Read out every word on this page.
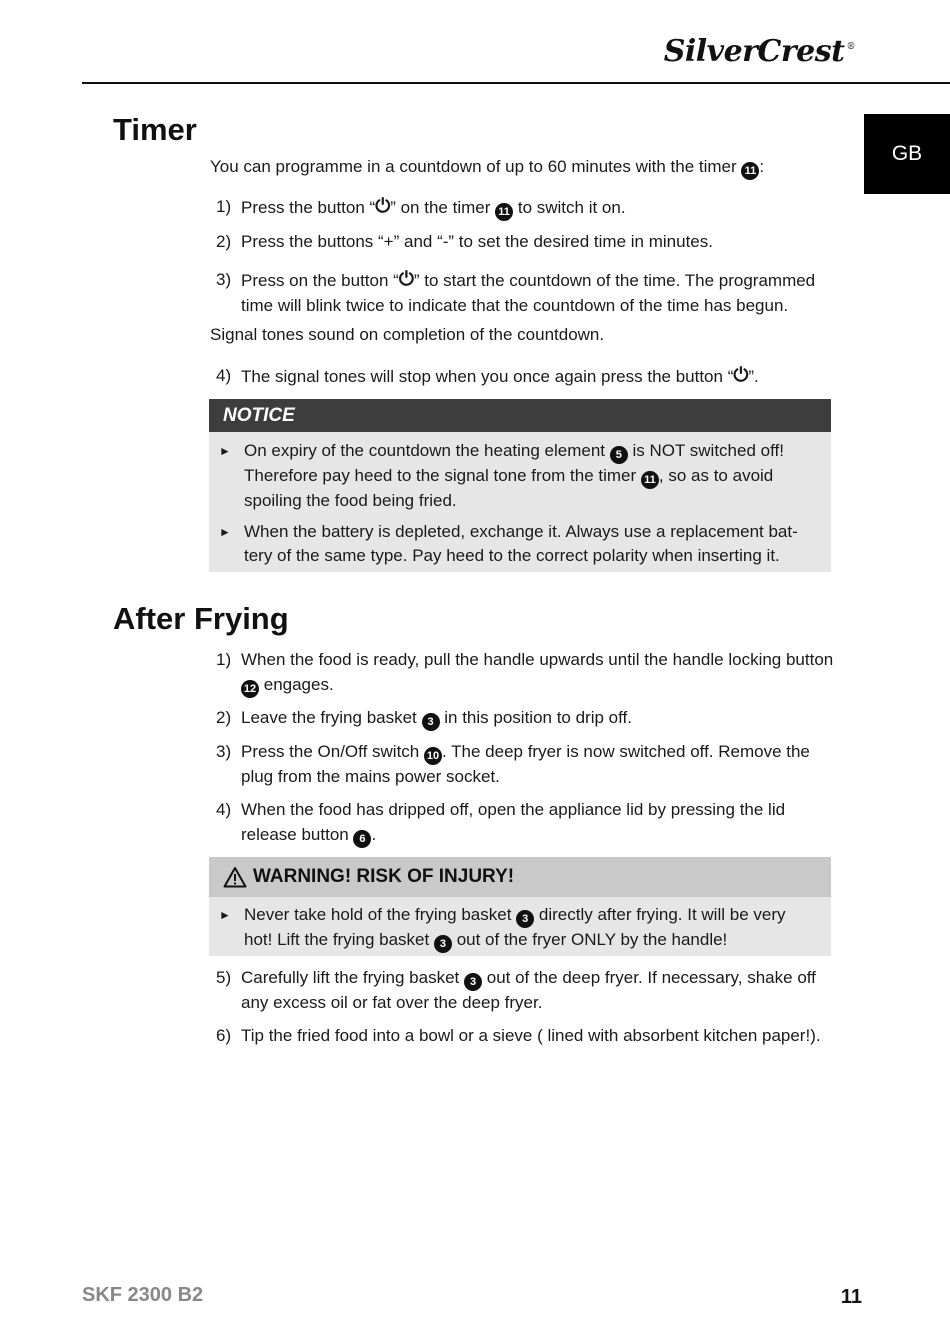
SilverCrest ®
GB
Timer
You can programme in a countdown of up to 60 minutes with the timer 11 :
1) Press the button “⏻” on the timer 11 to switch it on.
2) Press the buttons “+” and “-” to set the desired time in minutes.
3) Press on the button “⏻” to start the countdown of the time. The programmed time will blink twice to indicate that the countdown of the time has begun.
Signal tones sound on completion of the countdown.
4) The signal tones will stop when you once again press the button “⏻”.
NOTICE
► On expiry of the countdown the heating element 5 is NOT switched off! Therefore pay heed to the signal tone from the timer 11 , so as to avoid spoiling the food being fried.
► When the battery is depleted, exchange it. Always use a replacement bat-tery of the same type. Pay heed to the correct polarity when inserting it.
After Frying
1) When the food is ready, pull the handle upwards until the handle locking button 12 engages.
2) Leave the frying basket 3 in this position to drip off.
3) Press the On/Off switch 10 . The deep fryer is now switched off. Remove the plug from the mains power socket.
4) When the food has dripped off, open the appliance lid by pressing the lid release button 6 .
WARNING! RISK OF INJURY!
► Never take hold of the frying basket 3 directly after frying. It will be very hot! Lift the frying basket 3 out of the fryer ONLY by the handle!
5) Carefully lift the frying basket 3 out of the deep fryer. If necessary, shake off any excess oil or fat over the deep fryer.
6) Tip the fried food into a bowl or a sieve ( lined with absorbent kitchen paper!).
SKF 2300 B2	11
